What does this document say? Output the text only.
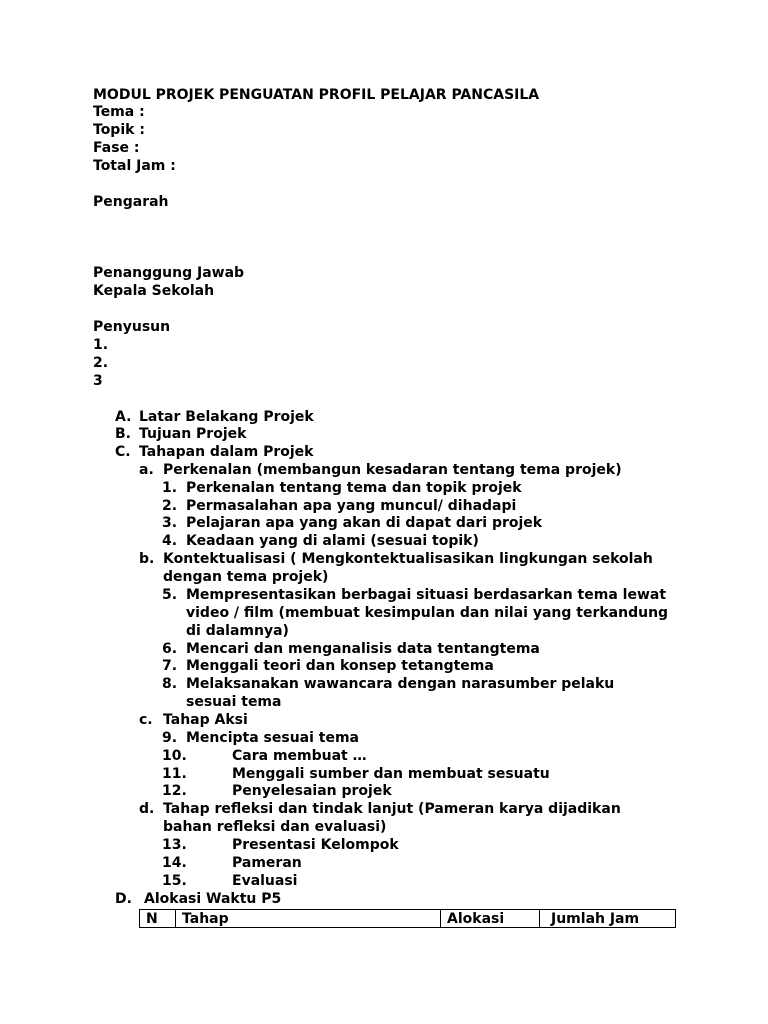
MODUL PROJEK PENGUATAN PROFIL PELAJAR PANCASILA
Tema :
Topik :
Fase :
Total Jam :
Pengarah
Penanggung Jawab
Kepala Sekolah
Penyusun
1.
2.
3
A. Latar Belakang Projek
B. Tujuan Projek
C. Tahapan dalam Projek
a. Perkenalan (membangun kesadaran tentang tema projek)
1. Perkenalan tentang tema dan topik projek
2. Permasalahan apa yang muncul/ dihadapi
3. Pelajaran apa yang akan di dapat dari projek
4. Keadaan yang di alami (sesuai topik)
b. Kontektualisasi ( Mengkontektualisasikan lingkungan sekolah
dengan tema projek)
5. Mempresentasikan berbagai situasi berdasarkan tema lewat
video / film (membuat kesimpulan dan nilai yang terkandung
di dalamnya)
6. Mencari dan menganalisis data tentangtema
7. Menggali teori dan konsep tetangtema
8. Melaksanakan wawancara dengan narasumber pelaku
sesuai tema
c. Tahap Aksi
9. Mencipta sesuai tema
10.	Cara membuat …
11.	Menggali sumber dan membuat sesuatu
12.	Penyelesaian projek
d. Tahap refleksi dan tindak lanjut (Pameran karya dijadikan
bahan refleksi dan evaluasi)
13.	Presentasi Kelompok
14.	Pameran
15.	Evaluasi
D. Alokasi Waktu P5
N	Tahap	Alokasi	Jumlah Jam
